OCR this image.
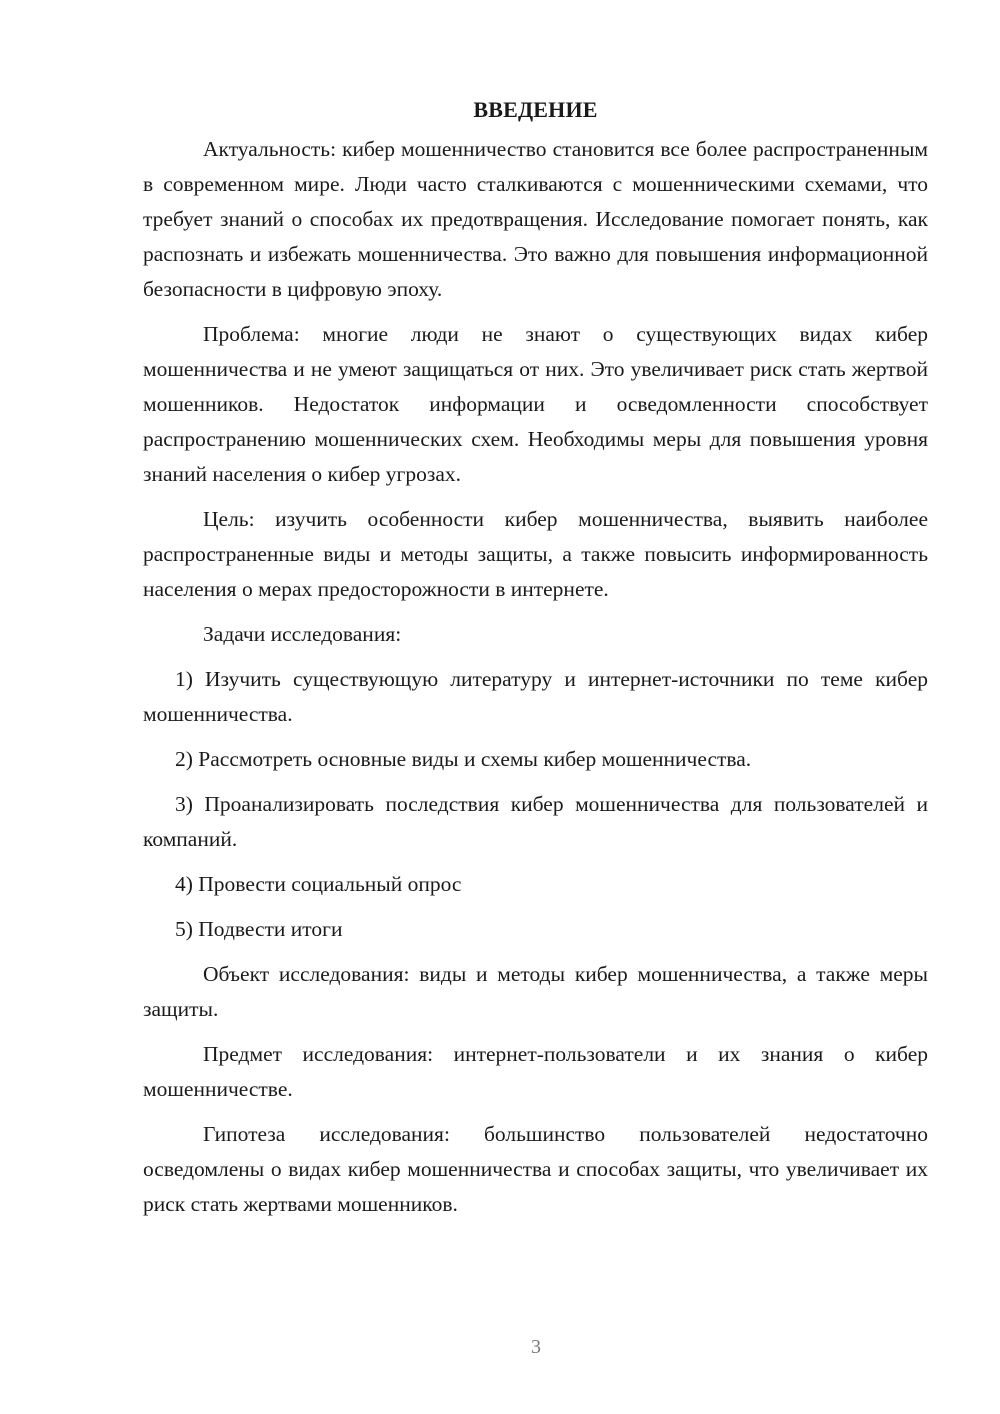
ВВЕДЕНИЕ

Актуальность: кибер мошенничество становится все более распространенным в современном мире. Люди часто сталкиваются с мошенническими схемами, что требует знаний о способах их предотвращения. Исследование помогает понять, как распознать и избежать мошенничества. Это важно для повышения информационной безопасности в цифровую эпоху.

Проблема: многие люди не знают о существующих видах кибер мошенничества и не умеют защищаться от них. Это увеличивает риск стать жертвой мошенников. Недостаток информации и осведомленности способствует распространению мошеннических схем. Необходимы меры для повышения уровня знаний населения о кибер угрозах.

Цель: изучить особенности кибер мошенничества, выявить наиболее распространенные виды и методы защиты, а также повысить информированность населения о мерах предосторожности в интернете.

Задачи исследования:

1) Изучить существующую литературу и интернет-источники по теме кибер мошенничества.

2) Рассмотреть основные виды и схемы кибер мошенничества.

3) Проанализировать последствия кибер мошенничества для пользователей и компаний.

4) Провести социальный опрос

5) Подвести итоги

Объект исследования: виды и методы кибер мошенничества, а также меры защиты.

Предмет исследования: интернет-пользователи и их знания о кибер мошенничестве.

Гипотеза исследования: большинство пользователей недостаточно осведомлены о видах кибер мошенничества и способах защиты, что увеличивает их риск стать жертвами мошенников.

3
